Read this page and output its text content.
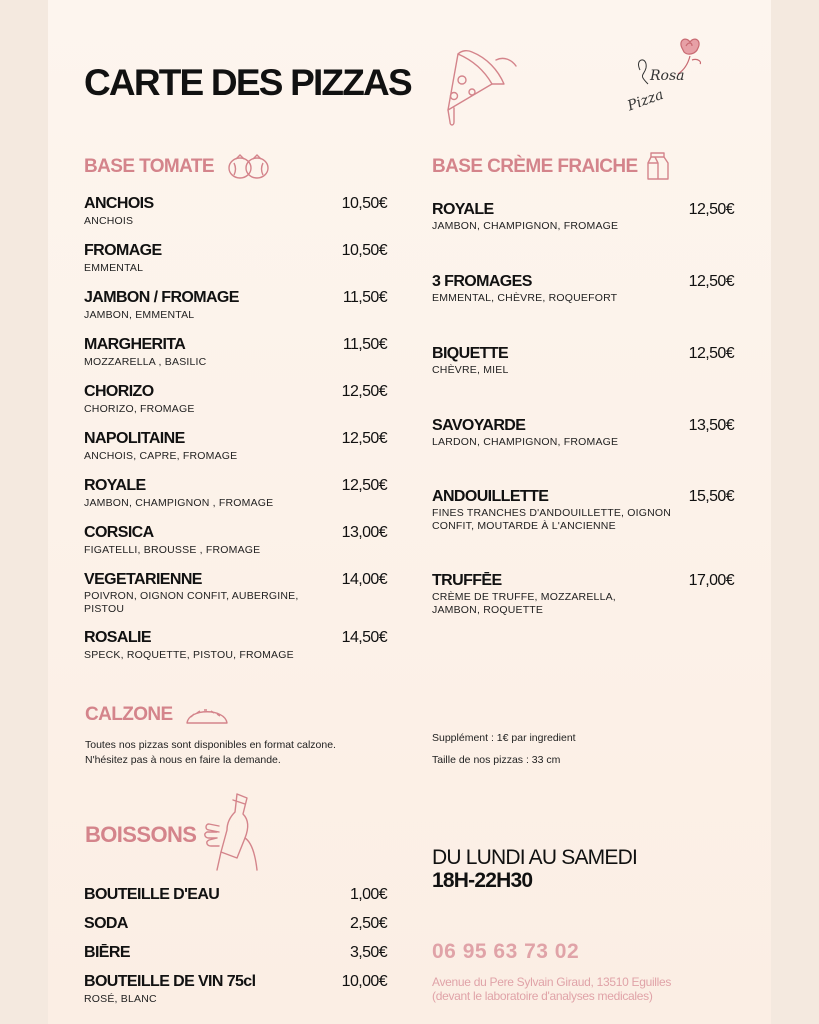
CARTE DES PIZZAS	Rosa
Pizza
BASE TOMATE
ANCHOIS
ANCHOIS
10,50€
FROMAGE
EMMENTAL
10,50€
JAMBON / FROMAGE
JAMBON, EMMENTAL
11,50€
MARGHERITA
MOZZARELLA , BASILIC
11,50€
CHORIZO
CHORIZO, FROMAGE
12,50€
NAPOLITAINE
ANCHOIS, CAPRE, FROMAGE
12,50€
ROYALE
JAMBON, CHAMPIGNON , FROMAGE
12,50€
CORSICA
FIGATELLI, BROUSSE , FROMAGE
13,00€
VEGETARIENNE
POIVRON, OIGNON CONFIT, AUBERGINE, PISTOU
14,00€
ROSALIE
SPECK, ROQUETTE, PISTOU, FROMAGE
14,50€
BASE CRÈME FRAICHE
ROYALE
JAMBON, CHAMPIGNON, FROMAGE
12,50€
3 FROMAGES
EMMENTAL, CHÈVRE, ROQUEFORT
12,50€
BIQUETTE
CHÈVRE, MIEL
12,50€
SAVOYARDE
LARDON, CHAMPIGNON, FROMAGE
13,50€
ANDOUILLETTE
FINES TRANCHES D'ANDOUILLETTE, OIGNON CONFIT, MOUTARDE À L'ANCIENNE
15,50€
TRUFFĒE
CRÈME DE TRUFFE, MOZZARELLA, JAMBON, ROQUETTE
17,00€
CALZONE
Toutes nos pizzas sont disponibles en format calzone.
N'hésitez pas à nous en faire la demande.
Supplément : 1€ par ingredient
Taille de nos pizzas : 33 cm
BOISSONS
BOUTEILLE D'EAU	1,00€
SODA	2,50€
BIĒRE	3,50€
BOUTEILLE DE VIN 75cl
ROSÉ, BLANC
10,00€
DU LUNDI AU SAMEDI
18H-22H30
06 95 63 73 02
Avenue du Pere Sylvain Giraud, 13510 Eguilles
(devant le laboratoire d'analyses medicales)
